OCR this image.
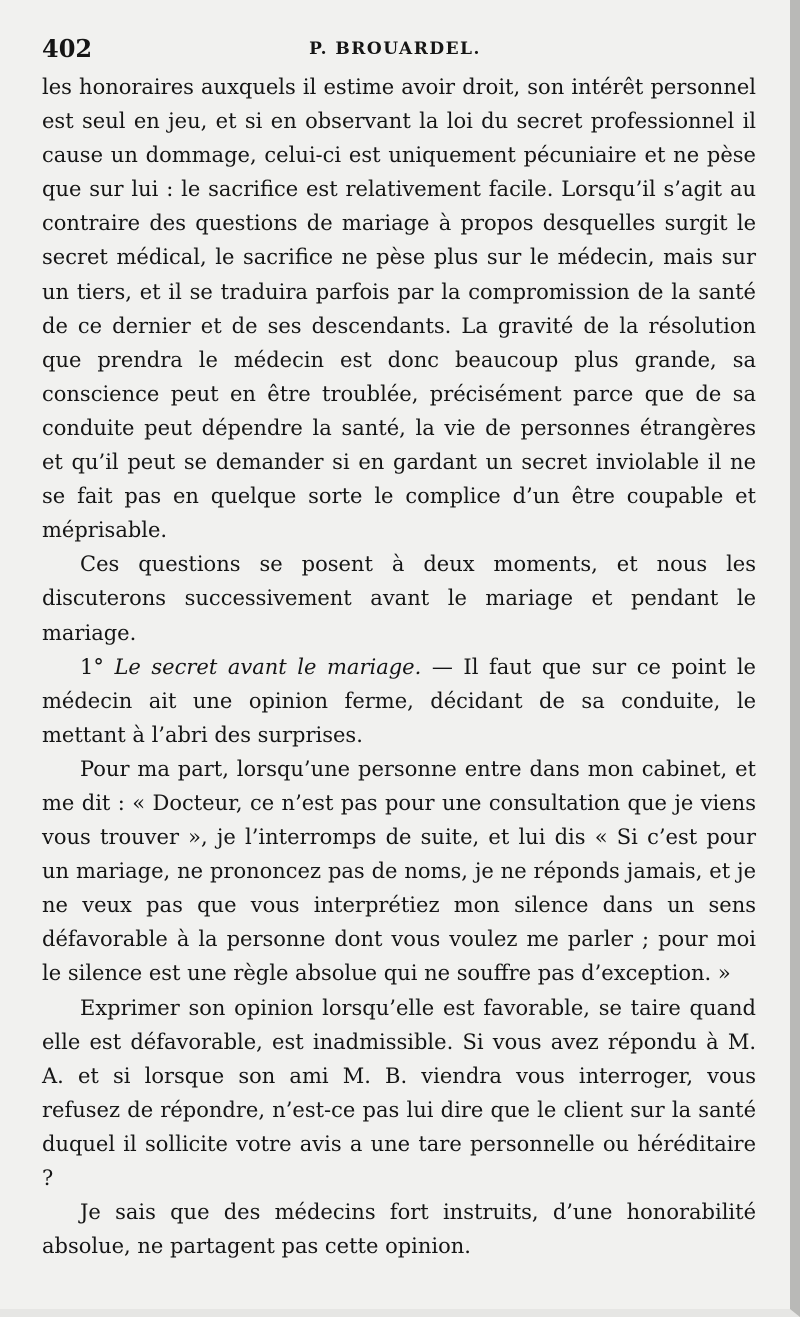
402	P. BROUARDEL.

les honoraires auxquels il estime avoir droit, son intérêt personnel est seul en jeu, et si en observant la loi du secret professionnel il cause un dommage, celui-ci est uniquement pécuniaire et ne pèse que sur lui : le sacrifice est relativement facile. Lorsqu’il s’agit au contraire des questions de mariage à propos desquelles surgit le secret médical, le sacrifice ne pèse plus sur le médecin, mais sur un tiers, et il se traduira parfois par la compromission de la santé de ce dernier et de ses descendants. La gravité de la résolution que prendra le médecin est donc beaucoup plus grande, sa conscience peut en être troublée, précisément parce que de sa conduite peut dépendre la santé, la vie de personnes étrangères et qu’il peut se demander si en gardant un secret inviolable il ne se fait pas en quelque sorte le complice d’un être coupable et méprisable.

Ces questions se posent à deux moments, et nous les discuterons successivement avant le mariage et pendant le mariage.

1° Le secret avant le mariage. — Il faut que sur ce point le médecin ait une opinion ferme, décidant de sa conduite, le mettant à l’abri des surprises.

Pour ma part, lorsqu’une personne entre dans mon cabinet, et me dit : « Docteur, ce n’est pas pour une consultation que je viens vous trouver », je l’interromps de suite, et lui dis « Si c’est pour un mariage, ne prononcez pas de noms, je ne réponds jamais, et je ne veux pas que vous interprétiez mon silence dans un sens défavorable à la personne dont vous voulez me parler ; pour moi le silence est une règle absolue qui ne souffre pas d’exception. »

Exprimer son opinion lorsqu’elle est favorable, se taire quand elle est défavorable, est inadmissible. Si vous avez répondu à M. A. et si lorsque son ami M. B. viendra vous interroger, vous refusez de répondre, n’est-ce pas lui dire que le client sur la santé duquel il sollicite votre avis a une tare personnelle ou héréditaire ?

Je sais que des médecins fort instruits, d’une honorabilité absolue, ne partagent pas cette opinion.
